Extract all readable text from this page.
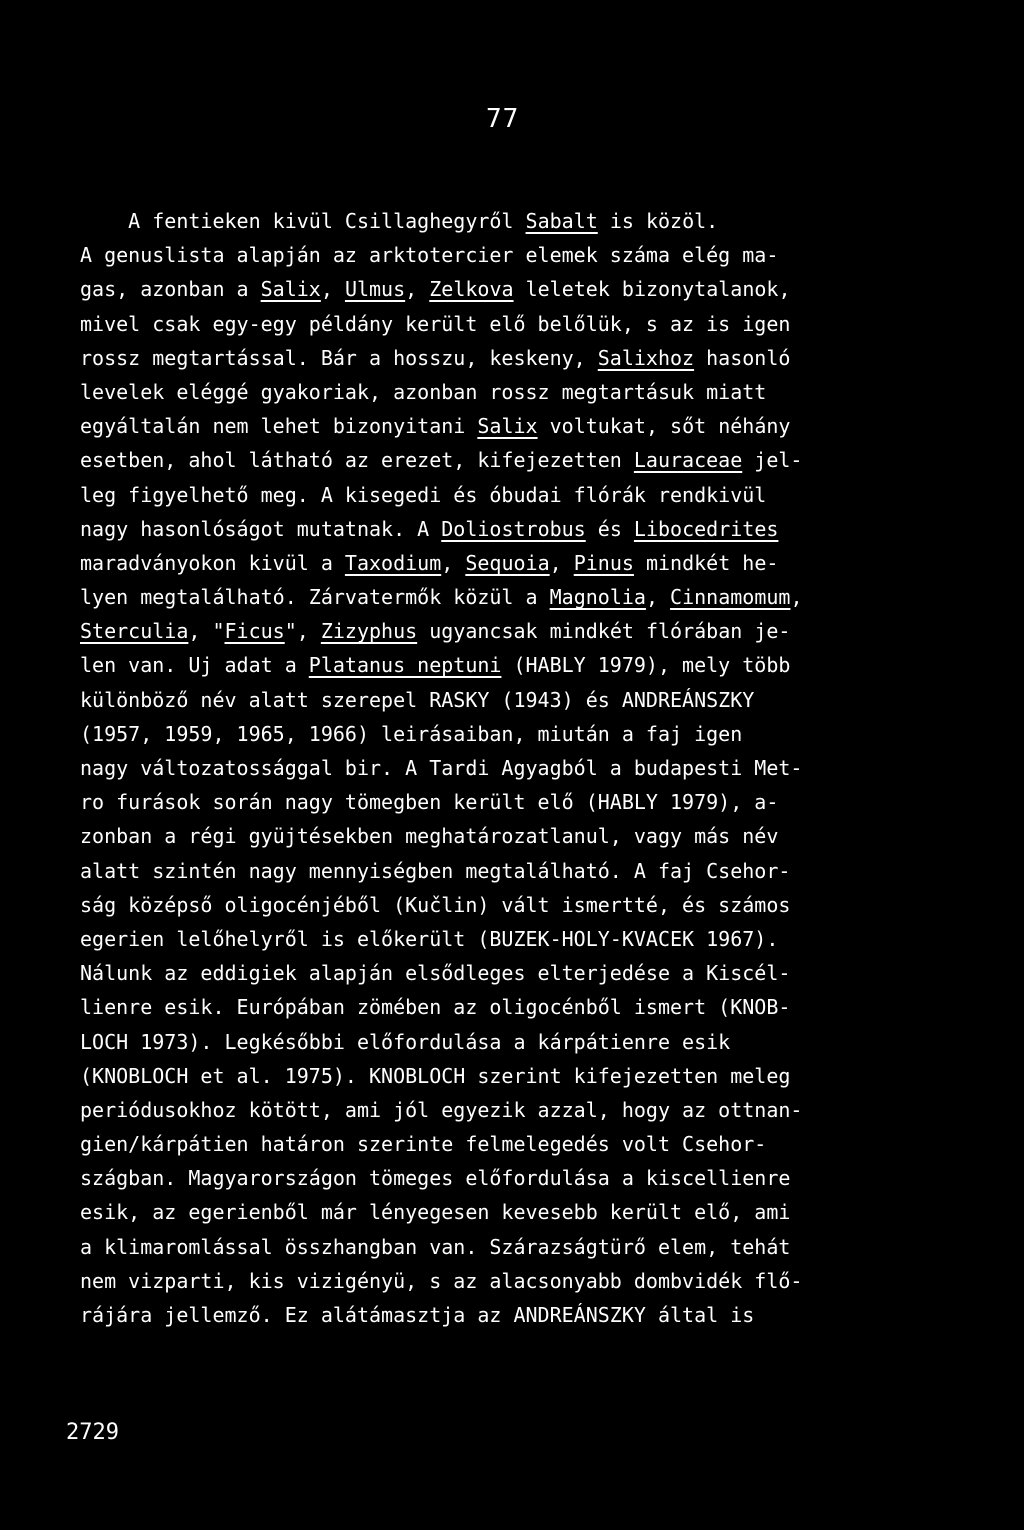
77
A fentieken kivül Csillaghegyről Sabalt is közöl.
A genuslista alapján az arktotercier elemek száma elég ma-
gas, azonban a Salix, Ulmus, Zelkova leletek bizonytalanok,
mivel csak egy-egy példány került elő belőlük, s az is igen
rossz megtartással. Bár a hosszu, keskeny, Salixhoz hasonló
levelek eléggé gyakoriak, azonban rossz megtartásuk miatt
egyáltalán nem lehet bizonyitani Salix voltukat, sőt néhány
esetben, ahol látható az erezet, kifejezetten Lauraceae jel-
leg figyelhető meg. A kisegedi és óbudai flórák rendkivül
nagy hasonlóságot mutatnak. A Doliostrobus és Libocedrites
maradványokon kivül a Taxodium, Sequoia, Pinus mindkét he-
lyen megtalálható. Zárvatermők közül a Magnolia, Cinnamomum,
Sterculia, "Ficus", Zizyphus ugyancsak mindkét flórában je-
len van. Uj adat a Platanus neptuni (HABLY 1979), mely több
különböző név alatt szerepel RASKY (1943) és ANDREÁNSZKY
(1957, 1959, 1965, 1966) leirásaiban, miután a faj igen
nagy változatossággal bir. A Tardi Agyagból a budapesti Met-
ro furások során nagy tömegben került elő (HABLY 1979), a-
zonban a régi gyüjtésekben meghatározatlanul, vagy más név
alatt szintén nagy mennyiségben megtalálható. A faj Csehor-
ság középső oligocénjéből (Kučlin) vált ismertté, és számos
egerien lelőhelyről is előkerült (BUZEK-HOLY-KVACEK 1967).
Nálunk az eddigiek alapján elsődleges elterjedése a Kiscél-
lienre esik. Európában zömében az oligocénből ismert (KNOB-
LOCH 1973). Legkésőbbi előfordulása a kárpátienre esik
(KNOBLOCH et al. 1975). KNOBLOCH szerint kifejezetten meleg
periódusokhoz kötött, ami jól egyezik azzal, hogy az ottnan-
gien/kárpátien határon szerinte felmelegedés volt Csehor-
szágban. Magyarországon tömeges előfordulása a kiscellienre
esik, az egerienből már lényegesen kevesebb került elő, ami
a klimaromlással összhangban van. Szárazságtürő elem, tehát
nem vizparti, kis vizigényü, s az alacsonyabb dombvidék flő-
rájára jellemző. Ez alátámasztja az ANDREÁNSZKY által is
2729
